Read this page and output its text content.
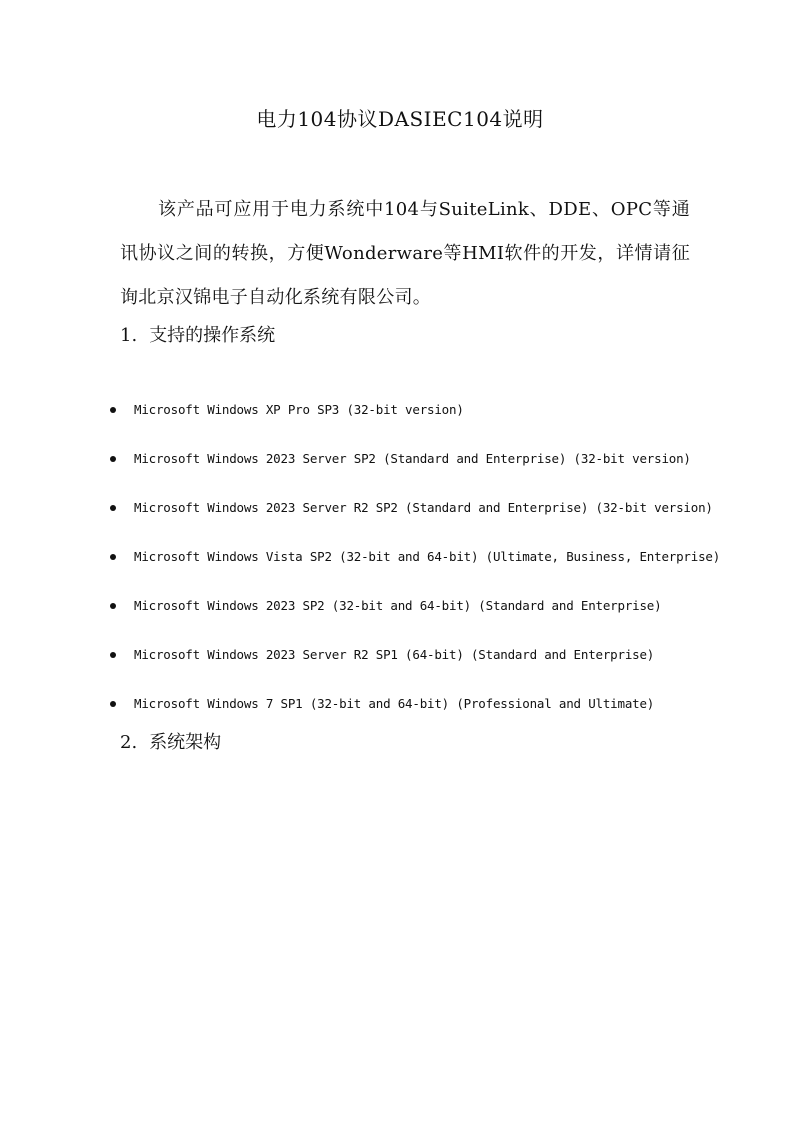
电力104协议DASIEC104说明

该产品可应用于电力系统中104与SuiteLink、DDE、OPC等通讯协议之间的转换，方便Wonderware等HMI软件的开发，详情请征询北京汉锦电子自动化系统有限公司。

1. 支持的操作系统
Microsoft Windows XP Pro SP3 (32-bit version)
Microsoft Windows 2023 Server SP2 (Standard and Enterprise) (32-bit version)
Microsoft Windows 2023 Server R2 SP2 (Standard and Enterprise) (32-bit version)
Microsoft Windows Vista SP2 (32-bit and 64-bit) (Ultimate, Business, Enterprise)
Microsoft Windows 2023 SP2 (32-bit and 64-bit) (Standard and Enterprise)
Microsoft Windows 2023 Server R2 SP1 (64-bit) (Standard and Enterprise)
Microsoft Windows 7 SP1 (32-bit and 64-bit) (Professional and Ultimate)
2. 系统架构
